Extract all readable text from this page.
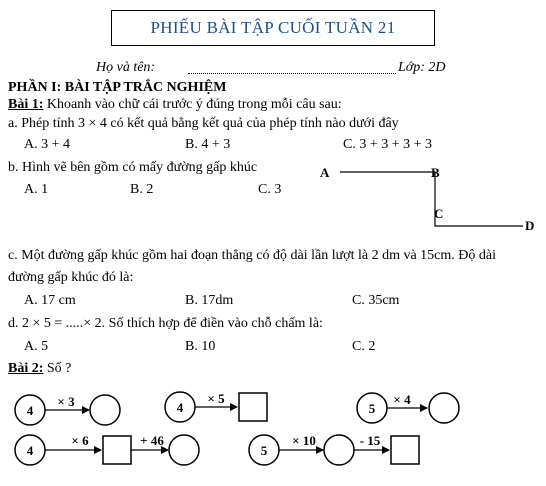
PHIẾU BÀI TẬP CUỐI TUẦN 21
Họ và tên:	Lớp: 2D
PHẦN I: BÀI TẬP TRẮC NGHIỆM
Bài 1: Khoanh vào chữ cái trước ý đúng trong mỗi câu sau:
a. Phép tính 3 × 4 có kết quả bằng kết quả của phép tính nào dưới đây
A. 3 + 4	B. 4 + 3	C. 3 + 3 + 3 + 3
b. Hình vẽ bên gồm có mấy đường gấp khúc
A. 1	B. 2	C. 3
A	B
C
D
c. Một đường gấp khúc gồm hai đoạn thẳng có độ dài lần lượt là 2 dm và 15cm. Độ dài
đường gấp khúc đó là:
A. 17 cm	B. 17dm	C. 35cm
d. 2 × 5 = .....× 2. Số thích hợp để điền vào chỗ chấm là:
A. 5	B. 10	C. 2
Bài 2: Số ?
4
× 3	4
× 5
5
× 4
4
× 6	+ 46
5
× 10	- 15
